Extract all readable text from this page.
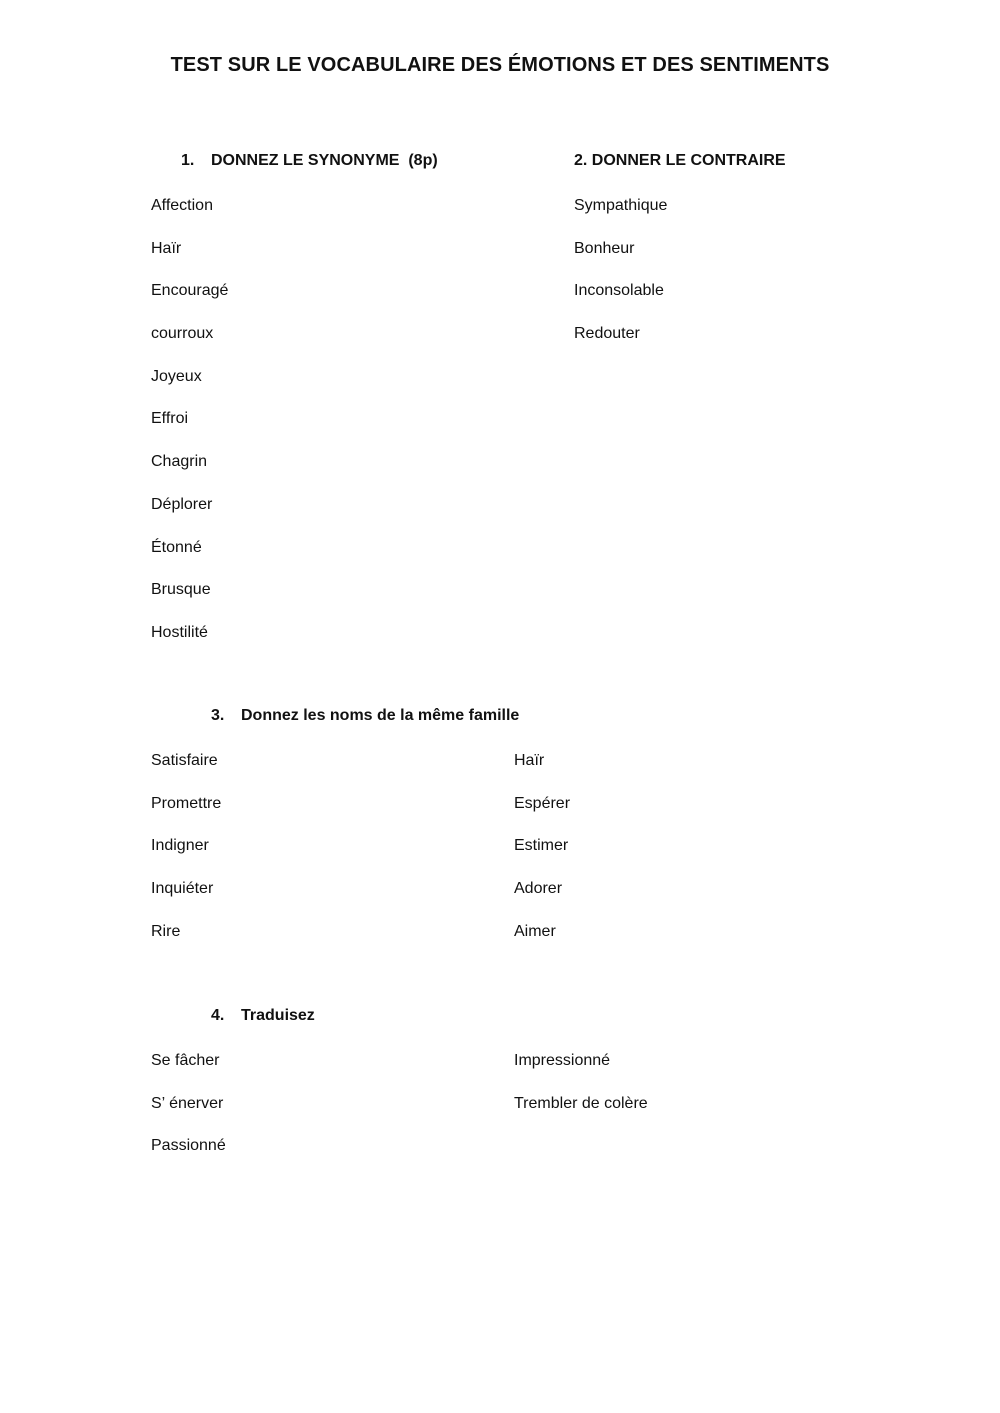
TEST SUR LE VOCABULAIRE DES ÉMOTIONS ET DES SENTIMENTS
1. DONNEZ LE SYNONYME  (8p)
Affection
Haïr
Encouragé
courroux
Joyeux
Effroi
Chagrin
Déplorer
Étonné
Brusque
Hostilité
2. DONNER LE CONTRAIRE
Sympathique
Bonheur
Inconsolable
Redouter
3. Donnez les noms de la même famille
Satisfaire
Promettre
Indigner
Inquiéter
Rire
Haïr
Espérer
Estimer
Adorer
Aimer
4. Traduisez
Se fâcher
S’ énerver
Passionné
Impressionné
Trembler de colère
